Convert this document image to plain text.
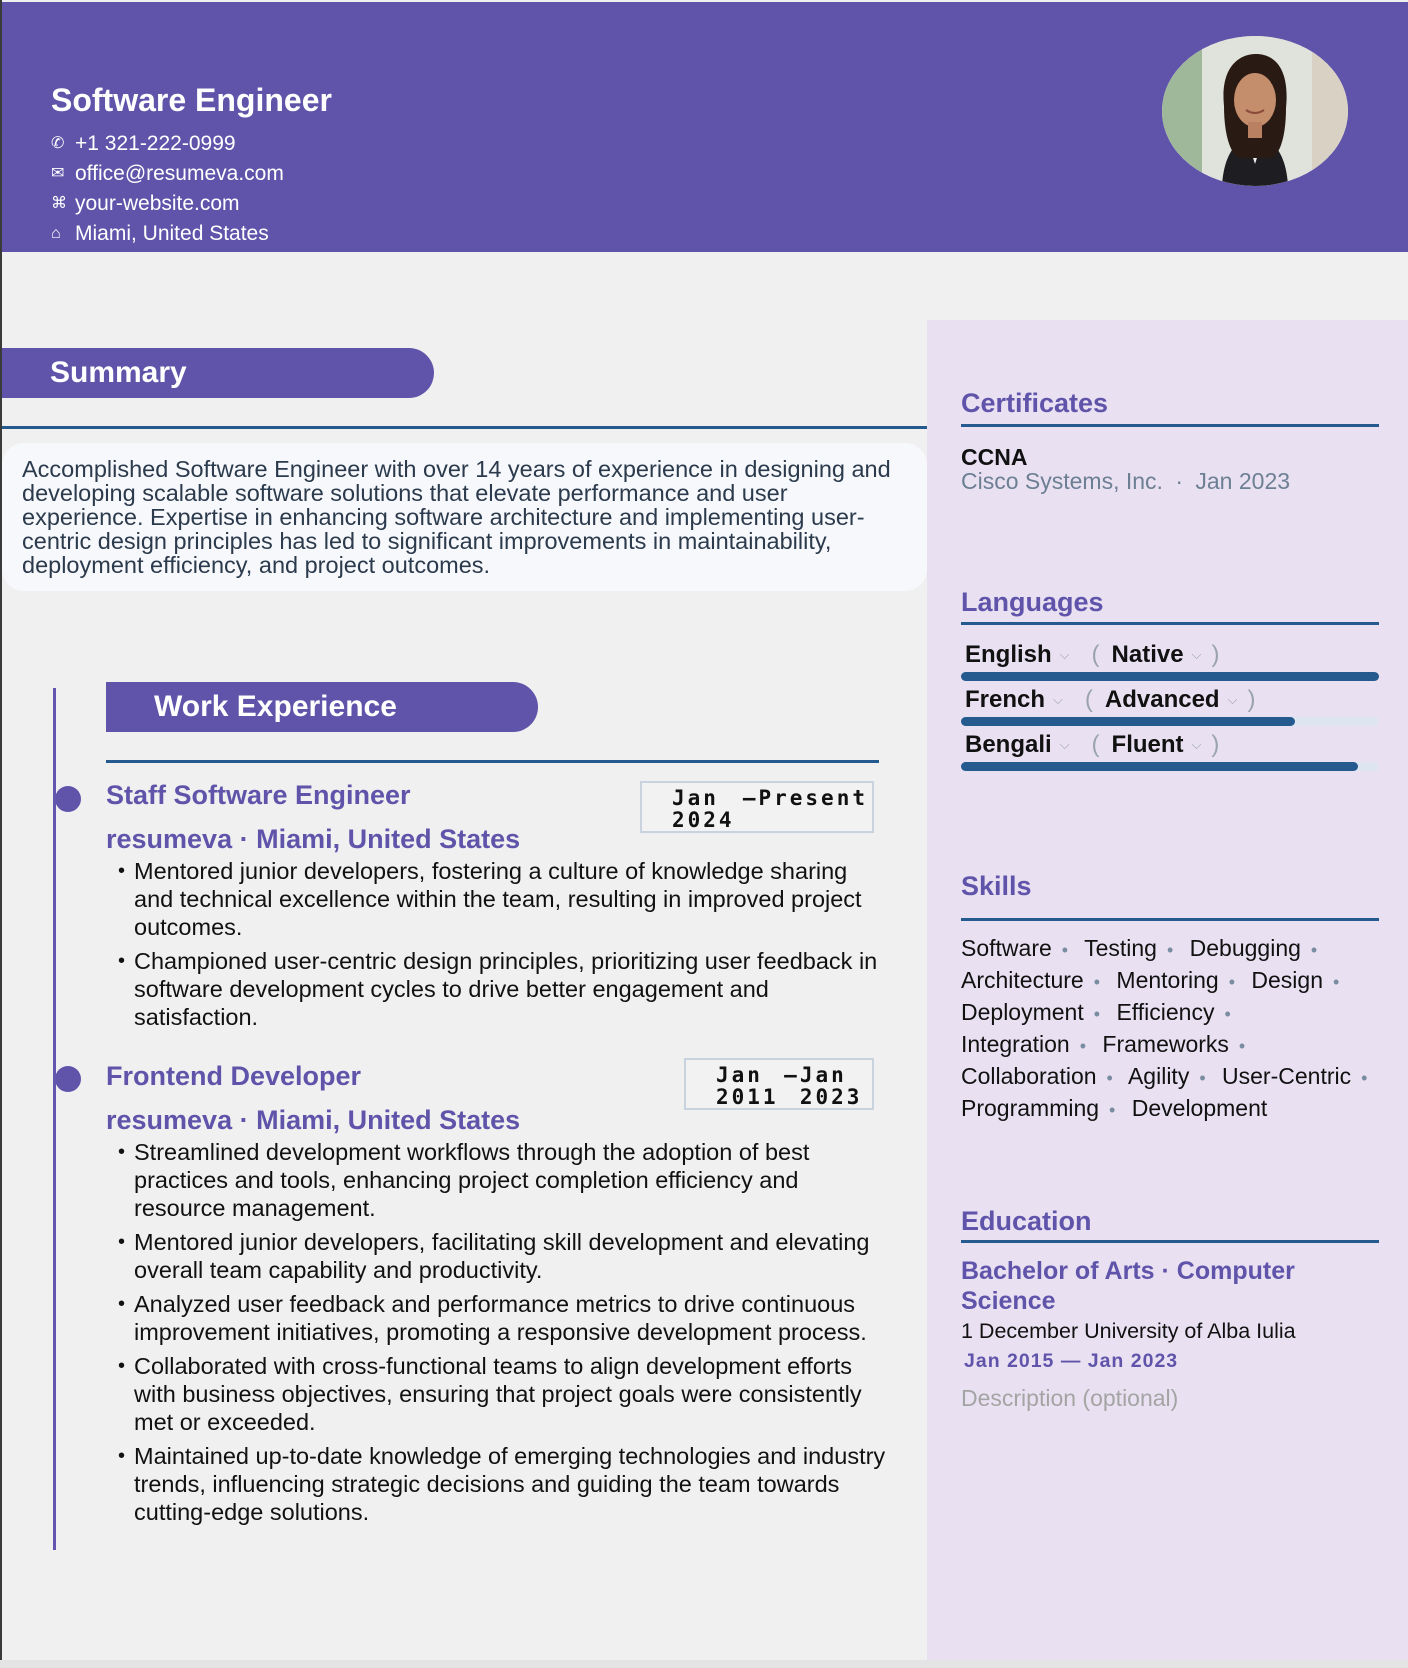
Software Engineer
✆ +1 321-222-0999
✉ office@resumeva.com
⌘ your-website.com
⌂ Miami, United States
Summary
Accomplished Software Engineer with over 14 years of experience in designing and developing scalable software solutions that elevate performance and user experience. Expertise in enhancing software architecture and implementing user-centric design principles has led to significant improvements in maintainability, deployment efficiency, and project outcomes.
Work Experience
Staff Software Engineer
resumeva · Miami, United States
• Mentored junior developers, fostering a culture of knowledge sharing and technical excellence within the team, resulting in improved project outcomes.
• Championed user-centric design principles, prioritizing user feedback in software development cycles to drive better engagement and satisfaction.
Frontend Developer
resumeva · Miami, United States
• Streamlined development workflows through the adoption of best practices and tools, enhancing project completion efficiency and resource management.
• Mentored junior developers, facilitating skill development and elevating overall team capability and productivity.
• Analyzed user feedback and performance metrics to drive continuous improvement initiatives, promoting a responsive development process.
• Collaborated with cross-functional teams to align development efforts with business objectives, ensuring that project goals were consistently met or exceeded.
• Maintained up-to-date knowledge of emerging technologies and industry trends, influencing strategic decisions and guiding the team towards cutting-edge solutions.
Certificates
CCNA
Cisco Systems, Inc. · Jan 2023
Languages
English ⌵ ( Native ⌵ )
French ⌵ ( Advanced ⌵ )
Bengali ⌵ ( Fluent ⌵ )
Skills
Software • Testing • Debugging • Architecture • Mentoring • Design • Deployment • Efficiency • Integration • Frameworks • Collaboration • Agility • User-Centric • Programming • Development
Education
Bachelor of Arts · Computer Science
1 December University of Alba Iulia
Jan 2015 — Jan 2023
Description (optional)
Jan 2024
— Present
Jan 2011
— Jan 2023
